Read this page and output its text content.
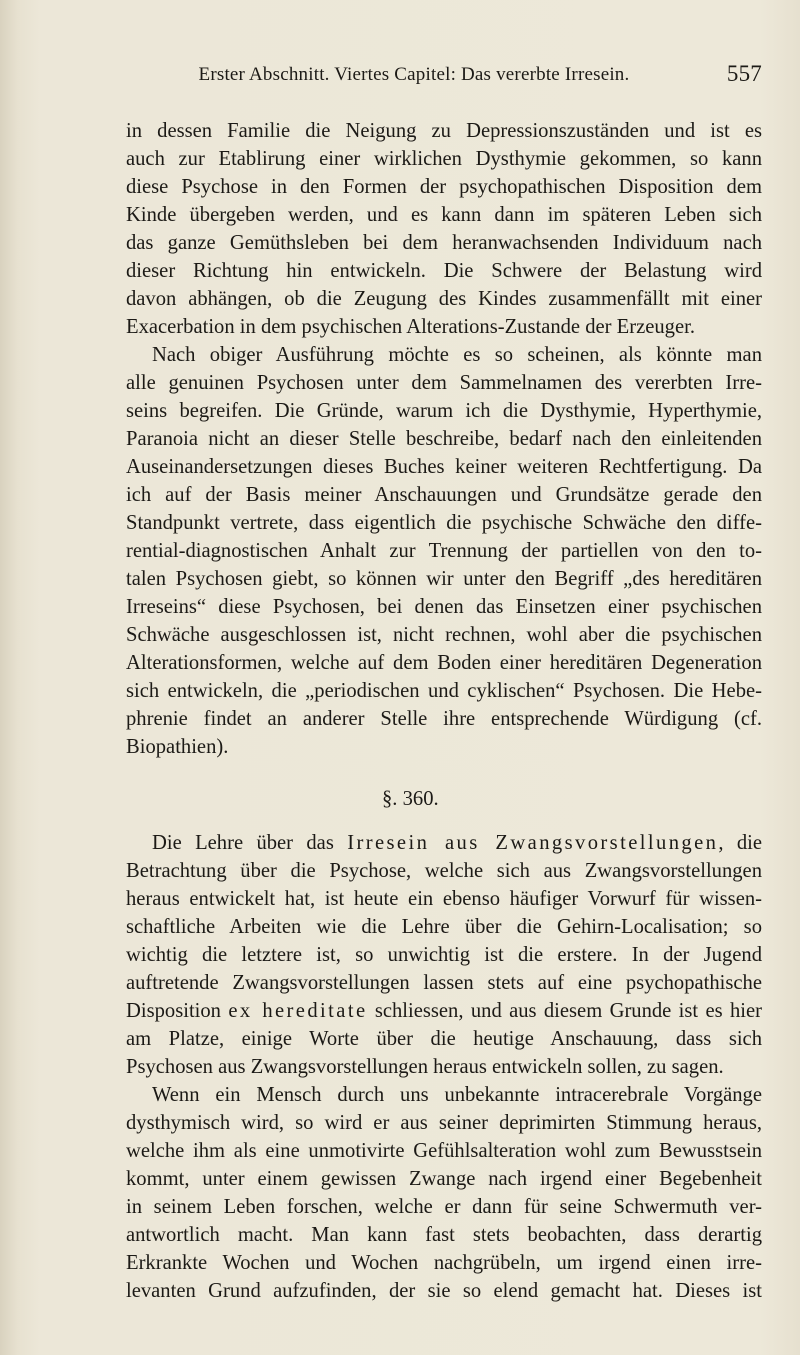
Erster Abschnitt. Viertes Capitel: Das vererbte Irresein.	557
in dessen Familie die Neigung zu Depressionszuständen und ist es
auch zur Etablirung einer wirklichen Dysthymie gekommen, so kann
diese Psychose in den Formen der psychopathischen Disposition dem
Kinde übergeben werden, und es kann dann im späteren Leben sich
das ganze Gemüthsleben bei dem heranwachsenden Individuum nach
dieser Richtung hin entwickeln. Die Schwere der Belastung wird
davon abhängen, ob die Zeugung des Kindes zusammenfällt mit einer
Exacerbation in dem psychischen Alterations-Zustande der Erzeuger.
Nach obiger Ausführung möchte es so scheinen, als könnte man
alle genuinen Psychosen unter dem Sammelnamen des vererbten Irre-
seins begreifen. Die Gründe, warum ich die Dysthymie, Hyperthymie,
Paranoia nicht an dieser Stelle beschreibe, bedarf nach den einleitenden
Auseinandersetzungen dieses Buches keiner weiteren Rechtfertigung. Da
ich auf der Basis meiner Anschauungen und Grundsätze gerade den
Standpunkt vertrete, dass eigentlich die psychische Schwäche den diffe-
rential-diagnostischen Anhalt zur Trennung der partiellen von den to-
talen Psychosen giebt, so können wir unter den Begriff „des hereditären
Irreseins“ diese Psychosen, bei denen das Einsetzen einer psychischen
Schwäche ausgeschlossen ist, nicht rechnen, wohl aber die psychischen
Alterationsformen, welche auf dem Boden einer hereditären Degeneration
sich entwickeln, die „periodischen und cyklischen“ Psychosen. Die Hebe-
phrenie findet an anderer Stelle ihre entsprechende Würdigung (cf.
Biopathien).
§. 360.
Die Lehre über das Irresein aus Zwangsvorstellungen, die
Betrachtung über die Psychose, welche sich aus Zwangsvorstellungen
heraus entwickelt hat, ist heute ein ebenso häufiger Vorwurf für wissen-
schaftliche Arbeiten wie die Lehre über die Gehirn-Localisation; so
wichtig die letztere ist, so unwichtig ist die erstere. In der Jugend
auftretende Zwangsvorstellungen lassen stets auf eine psychopathische
Disposition ex hereditate schliessen, und aus diesem Grunde ist es hier
am Platze, einige Worte über die heutige Anschauung, dass sich
Psychosen aus Zwangsvorstellungen heraus entwickeln sollen, zu sagen.
Wenn ein Mensch durch uns unbekannte intracerebrale Vorgänge
dysthymisch wird, so wird er aus seiner deprimirten Stimmung heraus,
welche ihm als eine unmotivirte Gefühlsalteration wohl zum Bewusstsein
kommt, unter einem gewissen Zwange nach irgend einer Begebenheit
in seinem Leben forschen, welche er dann für seine Schwermuth ver-
antwortlich macht. Man kann fast stets beobachten, dass derartig
Erkrankte Wochen und Wochen nachgrübeln, um irgend einen irre-
levanten Grund aufzufinden, der sie so elend gemacht hat. Dieses ist
